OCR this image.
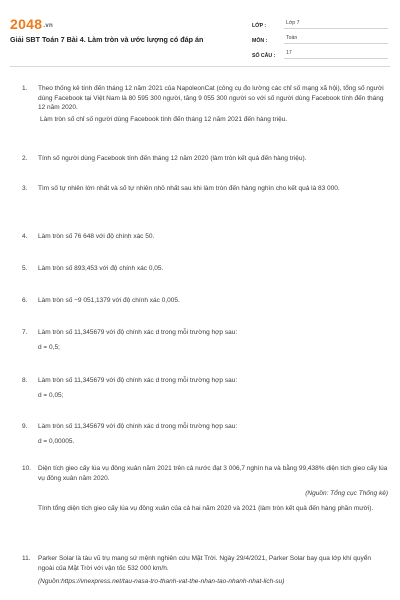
2048.vn
Giải SBT Toán 7 Bài 4. Làm tròn và ước lượng có đáp án
LỚP :	Lớp 7
MÔN :	Toán
SỐ CÂU :	17
1.	Theo thống kê tính đến tháng 12 năm 2021 của NapoleonCat (công cụ đo lường các chỉ số mạng xã hội), tổng số người dùng Facebook tại Việt Nam là 80 595 300 người, tăng 9 055 300 người so với số người dùng Facebook tính đến tháng 12 năm 2020.
Làm tròn số chỉ số người dùng Facebook tính đến tháng 12 năm 2021 đến hàng triệu.
2.	Tính số người dùng Facebook tính đến tháng 12 năm 2020 (làm tròn kết quả đến hàng triệu).
3.	Tìm số tự nhiên lớn nhất và số tự nhiên nhỏ nhất sau khi làm tròn đến hàng nghìn cho kết quả là 83 000.
4.	Làm tròn số 76 648 với độ chính xác 50.
5.	Làm tròn số 893,453 với độ chính xác 0,05.
6.	Làm tròn số −9 051,1379 với độ chính xác 0,005.
7.	Làm tròn số 11,345679 với độ chính xác d trong mỗi trường hợp sau:
d = 0,5;
8.	Làm tròn số 11,345679 với độ chính xác d trong mỗi trường hợp sau:
d = 0,05;
9.	Làm tròn số 11,345679 với độ chính xác d trong mỗi trường hợp sau:
d = 0,00005.
10.	Diện tích gieo cấy lúa vụ đông xuân năm 2021 trên cả nước đạt 3 006,7 nghìn ha và bằng 99,438% diện tích gieo cấy lúa vụ đông xuân năm 2020.
(Nguồn: Tổng cục Thống kê)
Tính tổng diện tích gieo cấy lúa vụ đông xuân của cả hai năm 2020 và 2021 (làm tròn kết quả đến hàng phần mười).
11.	Parker Solar là tàu vũ trụ mang sứ mệnh nghiên cứu Mặt Trời. Ngày 29/4/2021, Parker Solar bay qua lớp khí quyển ngoài của Mặt Trời với vận tốc 532 000 km/h.
(Nguồn:https://vnexpress.net/tau-nasa-tro-thanh-vat-the-nhan-tao-nhanh-nhat-lich-su)
